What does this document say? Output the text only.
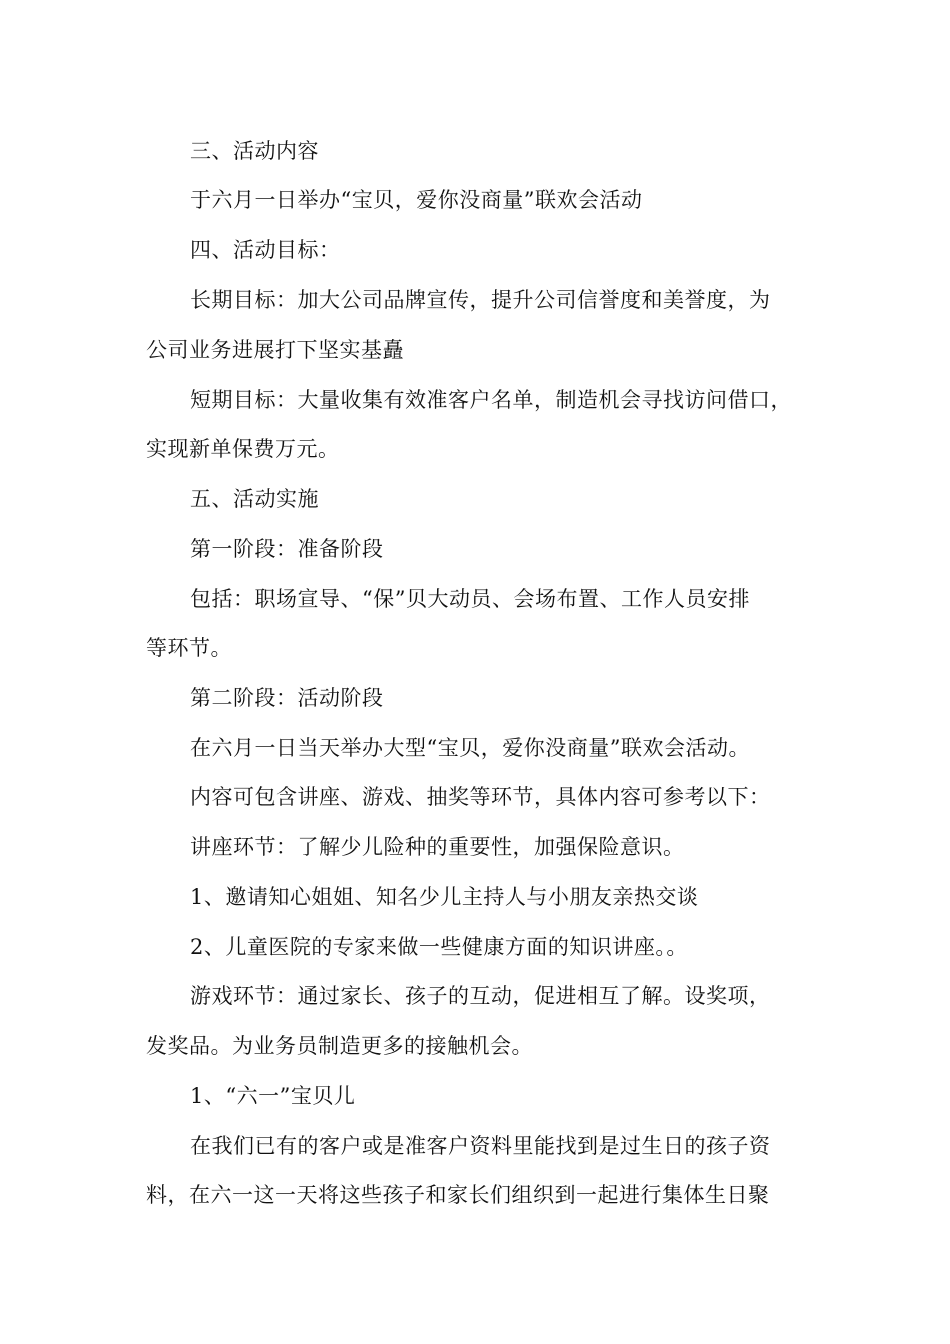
三、活动内容
于六月一日举办“宝贝，爱你没商量”联欢会活动
四、活动目标：
长期目标：加大公司品牌宣传，提升公司信誉度和美誉度，为
公司业务进展打下坚实基矗
短期目标：大量收集有效准客户名单，制造机会寻找访问借口，
实现新单保费万元。
五、活动实施
第一阶段：准备阶段
包括：职场宣导、“保”贝大动员、会场布置、工作人员安排
等环节。
第二阶段：活动阶段
在六月一日当天举办大型“宝贝，爱你没商量”联欢会活动。
内容可包含讲座、游戏、抽奖等环节，具体内容可参考以下：
讲座环节：了解少儿险种的重要性，加强保险意识。
1、邀请知心姐姐、知名少儿主持人与小朋友亲热交谈
2、儿童医院的专家来做一些健康方面的知识讲座。。
游戏环节：通过家长、孩子的互动，促进相互了解。设奖项，
发奖品。为业务员制造更多的接触机会。
1、“六一”宝贝儿
在我们已有的客户或是准客户资料里能找到是过生日的孩子资
料，在六一这一天将这些孩子和家长们组织到一起进行集体生日聚
